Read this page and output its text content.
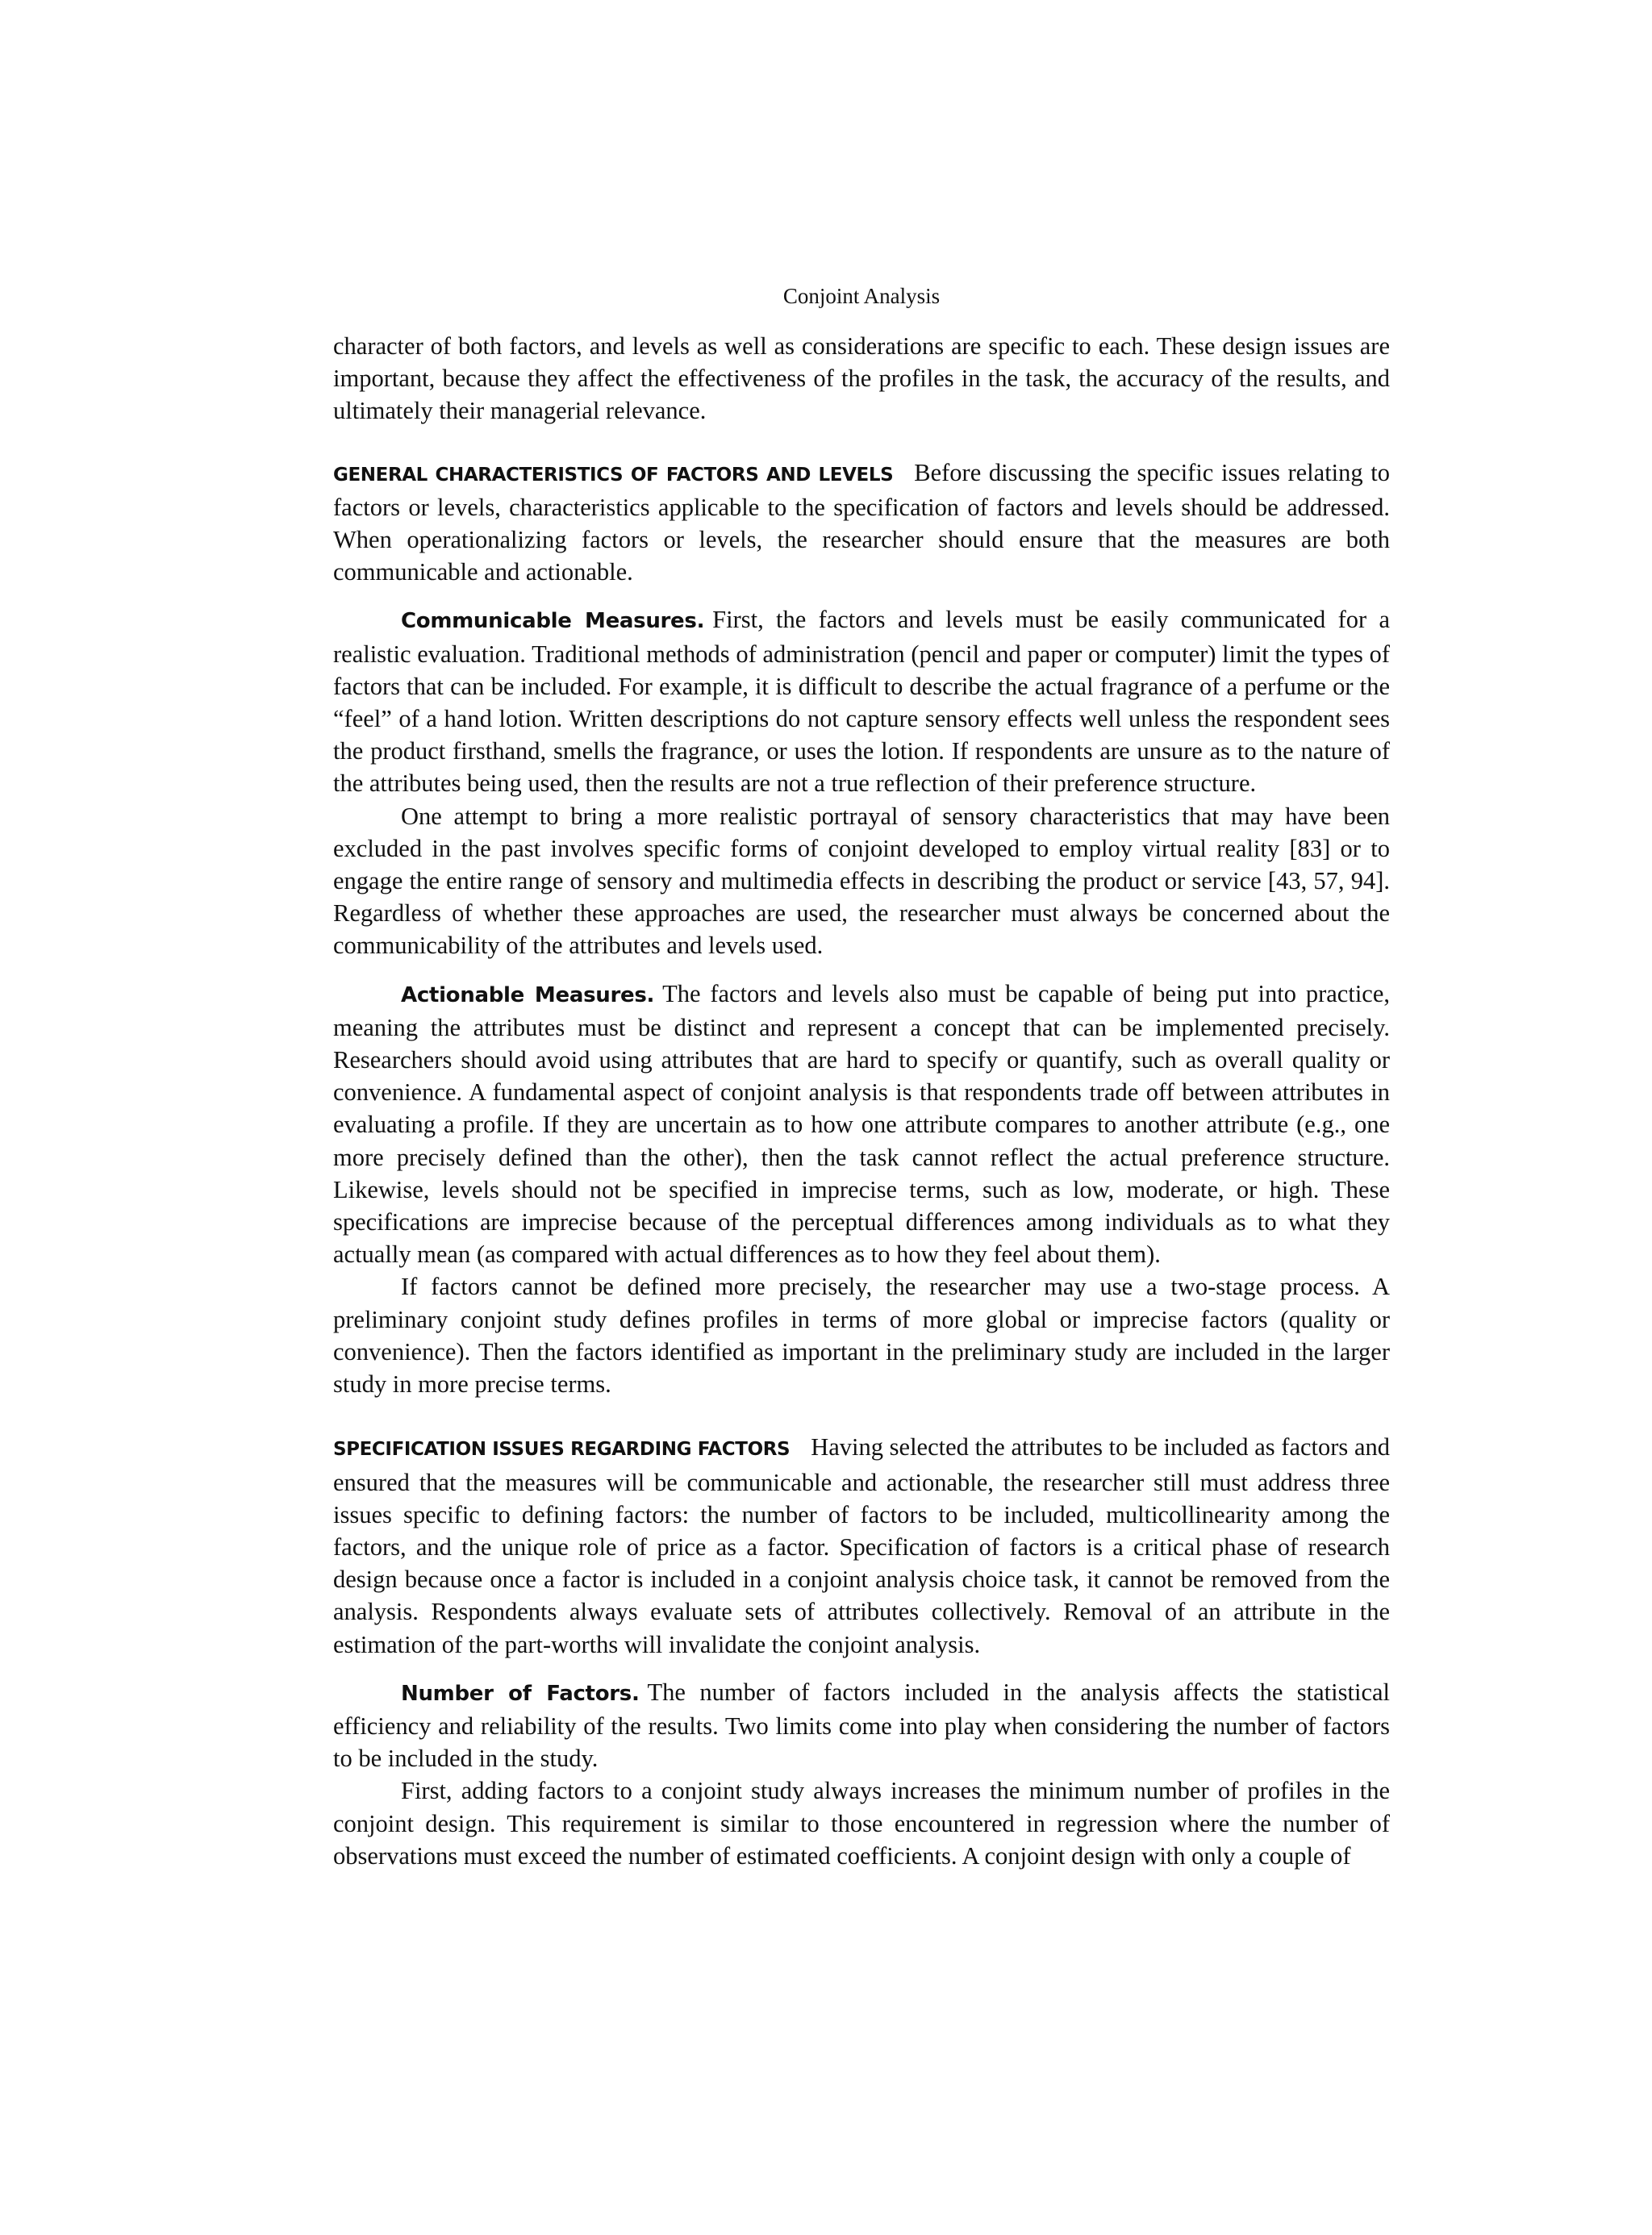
Conjoint Analysis

character of both factors, and levels as well as considerations are specific to each. These design issues are important, because they affect the effectiveness of the profiles in the task, the accuracy of the results, and ultimately their managerial relevance.

GENERAL CHARACTERISTICS OF FACTORS AND LEVELS Before discussing the specific issues relating to factors or levels, characteristics applicable to the specification of factors and levels should be addressed. When operationalizing factors or levels, the researcher should ensure that the measures are both communicable and actionable.

Communicable Measures. First, the factors and levels must be easily communicated for a realistic evaluation. Traditional methods of administration (pencil and paper or computer) limit the types of factors that can be included. For example, it is difficult to describe the actual fragrance of a perfume or the “feel” of a hand lotion. Written descriptions do not capture sensory effects well unless the respondent sees the product firsthand, smells the fragrance, or uses the lotion. If respondents are unsure as to the nature of the attributes being used, then the results are not a true reflection of their preference structure.

One attempt to bring a more realistic portrayal of sensory characteristics that may have been excluded in the past involves specific forms of conjoint developed to employ virtual reality [83] or to engage the entire range of sensory and multimedia effects in describing the product or service [43, 57, 94]. Regardless of whether these approaches are used, the researcher must always be concerned about the communicability of the attributes and levels used.

Actionable Measures. The factors and levels also must be capable of being put into practice, meaning the attributes must be distinct and represent a concept that can be implemented precisely. Researchers should avoid using attributes that are hard to specify or quantify, such as overall quality or convenience. A fundamental aspect of conjoint analysis is that respondents trade off between attributes in evaluating a profile. If they are uncertain as to how one attribute compares to another attribute (e.g., one more precisely defined than the other), then the task cannot reflect the actual preference structure. Likewise, levels should not be specified in imprecise terms, such as low, moderate, or high. These specifications are imprecise because of the perceptual differences among individuals as to what they actually mean (as compared with actual differences as to how they feel about them).

If factors cannot be defined more precisely, the researcher may use a two-stage process. A preliminary conjoint study defines profiles in terms of more global or imprecise factors (quality or convenience). Then the factors identified as important in the preliminary study are included in the larger study in more precise terms.

SPECIFICATION ISSUES REGARDING FACTORS Having selected the attributes to be included as factors and ensured that the measures will be communicable and actionable, the researcher still must address three issues specific to defining factors: the number of factors to be included, multicollinearity among the factors, and the unique role of price as a factor. Specification of factors is a critical phase of research design because once a factor is included in a conjoint analysis choice task, it cannot be removed from the analysis. Respondents always evaluate sets of attributes collectively. Removal of an attribute in the estimation of the part-worths will invalidate the conjoint analysis.

Number of Factors. The number of factors included in the analysis affects the statistical efficiency and reliability of the results. Two limits come into play when considering the number of factors to be included in the study.

First, adding factors to a conjoint study always increases the minimum number of profiles in the conjoint design. This requirement is similar to those encountered in regression where the number of observations must exceed the number of estimated coefficients. A conjoint design with only a couple of
